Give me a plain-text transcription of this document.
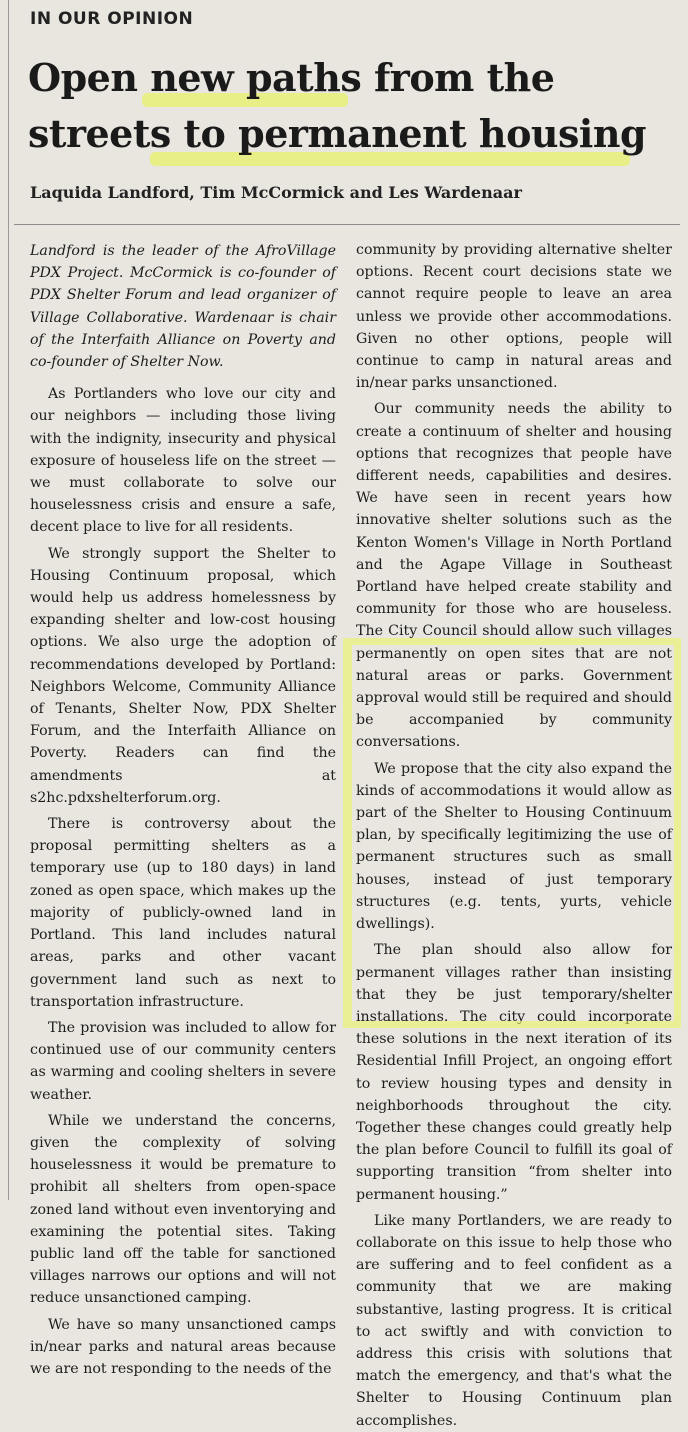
IN OUR OPINION
Open new paths from the
streets to permanent housing
Laquida Landford, Tim McCormick and Les Wardenaar

Landford is the leader of the AfroVillage PDX Project. McCormick is co-founder of PDX Shelter Forum and lead organizer of Village Collaborative. Wardenaar is chair of the Interfaith Alliance on Poverty and co-founder of Shelter Now.

As Portlanders who love our city and our neighbors — including those living with the indignity, insecurity and physical exposure of houseless life on the street — we must collaborate to solve our houselessness crisis and ensure a safe, decent place to live for all residents.

We strongly support the Shelter to Housing Continuum proposal, which would help us address homelessness by expanding shelter and low-cost housing options. We also urge the adoption of recommendations developed by Portland: Neighbors Welcome, Community Alliance of Tenants, Shelter Now, PDX Shelter Forum, and the Interfaith Alliance on Poverty. Readers can find the amendments at s2hc.pdxshelterforum.org.

There is controversy about the proposal permitting shelters as a temporary use (up to 180 days) in land zoned as open space, which makes up the majority of publicly-owned land in Portland. This land includes natural areas, parks and other vacant government land such as next to transportation infrastructure.

The provision was included to allow for continued use of our community centers as warming and cooling shelters in severe weather.

While we understand the concerns, given the complexity of solving houselessness it would be premature to prohibit all shelters from open-space zoned land without even inventorying and examining the potential sites. Taking public land off the table for sanctioned villages narrows our options and will not reduce unsanctioned camping.

We have so many unsanctioned camps in/near parks and natural areas because we are not responding to the needs of the

community by providing alternative shelter options. Recent court decisions state we cannot require people to leave an area unless we provide other accommodations. Given no other options, people will continue to camp in natural areas and in/near parks unsanctioned.

Our community needs the ability to create a continuum of shelter and housing options that recognizes that people have different needs, capabilities and desires. We have seen in recent years how innovative shelter solutions such as the Kenton Women's Village in North Portland and the Agape Village in Southeast Portland have helped create stability and community for those who are houseless. The City Council should allow such villages permanently on open sites that are not natural areas or parks. Government approval would still be required and should be accompanied by community conversations.

We propose that the city also expand the kinds of accommodations it would allow as part of the Shelter to Housing Continuum plan, by specifically legitimizing the use of permanent structures such as small houses, instead of just temporary structures (e.g. tents, yurts, vehicle dwellings).

The plan should also allow for permanent villages rather than insisting that they be just temporary/shelter installations. The city could incorporate these solutions in the next iteration of its Residential Infill Project, an ongoing effort to review housing types and density in neighborhoods throughout the city. Together these changes could greatly help the plan before Council to fulfill its goal of supporting transition “from shelter into permanent housing.”

Like many Portlanders, we are ready to collaborate on this issue to help those who are suffering and to feel confident as a community that we are making substantive, lasting progress. It is critical to act swiftly and with conviction to address this crisis with solutions that match the emergency, and that's what the Shelter to Housing Continuum plan accomplishes.
